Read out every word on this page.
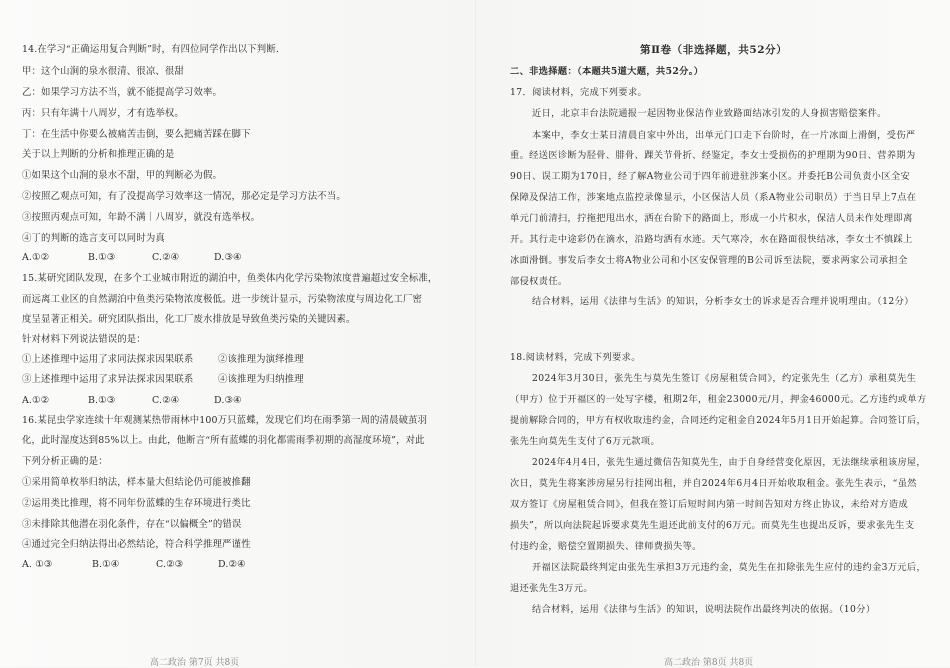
14.在学习“正确运用复合判断”时，有四位同学作出以下判断.
甲：这个山涧的泉水很清、很凉、很甜
乙：如果学习方法不当，就不能提高学习效率。
丙：只有年满十八周岁，才有选举权。
丁：在生活中你要么被痛苦击倒，要么把痛苦踩在脚下
关于以上判断的分析和推理正确的是
①如果这个山涧的泉水不甜，甲的判断必为假。
②按照乙观点可知，有了没提高学习效率这一情况，那必定是学习方法不当。
③按照丙观点可知，年龄不满｜八周岁，就没有选举权。
④丁的判断的选言支可以同时为真
A.①②	B.①③	C.②④	D.③④
15.某研究团队发现，在多个工业城市附近的湖泊中，鱼类体内化学污染物浓度普遍超过安全标准，
而远离工业区的自然湖泊中鱼类污染物浓度极低。进一步统计显示，污染物浓度与周边化工厂密
度呈显著正相关。研究团队指出，化工厂废水排放是导致鱼类污染的关键因素。
针对材料下列说法错误的是：
①上述推理中运用了求同法探求因果联系	②该推理为演绎推理
③上述推理中运用了求异法探求因果联系	④该推理为归纳推理
A.①②	B.①③	C.②④	D.③④
16.某昆虫学家连续十年观测某热带雨林中100万只蓝蝶，发现它们均在雨季第一周的清晨破茧羽
化，此时湿度达到85%以上。由此，他断言“所有蓝蝶的羽化都需雨季初期的高湿度环境”，对此
下列分析正确的是：
①采用简单枚举归纳法，样本量大但结论仍可能被推翻
②运用类比推理，将不同年份蓝蝶的生存环境进行类比
③未排除其他潜在羽化条件，存在“以偏概全”的错误
④通过完全归纳法得出必然结论，符合科学推理严谨性
A. ①③	B.①④	C.②③	D.②④
高二政治 第7页 共8页
第Ⅱ卷（非选择题，共52分）
二、非选择题：（本题共5道大题，共52分。）
17．阅读材料，完成下列要求。
近日，北京丰台法院通报一起因物业保洁作业致路面结冰引发的人身损害赔偿案件。
本案中，李女士某日清晨自家中外出，出单元门口走下台阶时，在一片冰面上滑倒，受伤严
重。经送医诊断为胫骨、腓骨、踝关节骨折、经鉴定，李女士受损伤的护理期为90日、营养期为
90日、误工期为170日，经了解A物业公司于四年前进驻涉案小区。并委托B公司负责小区全安
保障及保洁工作，涉案地点监控录像显示，小区保洁人员（系A物业公司职员）于当日早上7点在
单元门前清扫，拧拖把甩出水，洒在台阶下的路面上，形成一小片积水，保洁人员未作处理即离
开。其行走中途彩仍在滴水，沿路均洒有水迹。天气寒冷，水在路面很快结冰，李女士不慎踩上
冰面滑倒。事发后李女士将A物业公司和小区安保管理的B公司诉至法院，要求两家公司承担全
部侵权责任。
结合材料，运用《法律与生活》的知识，分析李女士的诉求是否合理并说明理由。（12分）
18.阅读材料，完成下列要求。
2024年3月30日，张先生与莫先生签订《房屋租赁合同》，约定张先生（乙方）承租莫先生
（甲方）位于开福区的一处写字楼，租期2年，租金23000元/月，押金46000元。乙方违约或单方
提前解除合同的，甲方有权收取违约金，合同还约定租金自2024年5月1日开始起算。合同签订后，
张先生向莫先生支付了6万元款项。
2024年4月4日，张先生通过微信告知莫先生，由于自身经营变化原因，无法继续承租该房屋，
次日，莫先生将案涉房屋另行挂网出租，并自2024年6月4日开始收取租金。张先生表示，“虽然
双方签订《房屋租赁合同》，但我在签订后短时间内第一时间告知对方终止协议，未给对方造成
损失”，所以向法院起诉要求莫先生退还此前支付的6万元。而莫先生也提出反诉，要求张先生支
付违约金，赔偿空置期损失、律师费损失等。
开福区法院最终判定由张先生承担3万元违约金，莫先生在扣除张先生应付的违约金3万元后，
退还张先生3万元。
结合材料，运用《法律与生活》的知识，说明法院作出最终判决的依据。（10分）
高二政治 第8页 共8页
